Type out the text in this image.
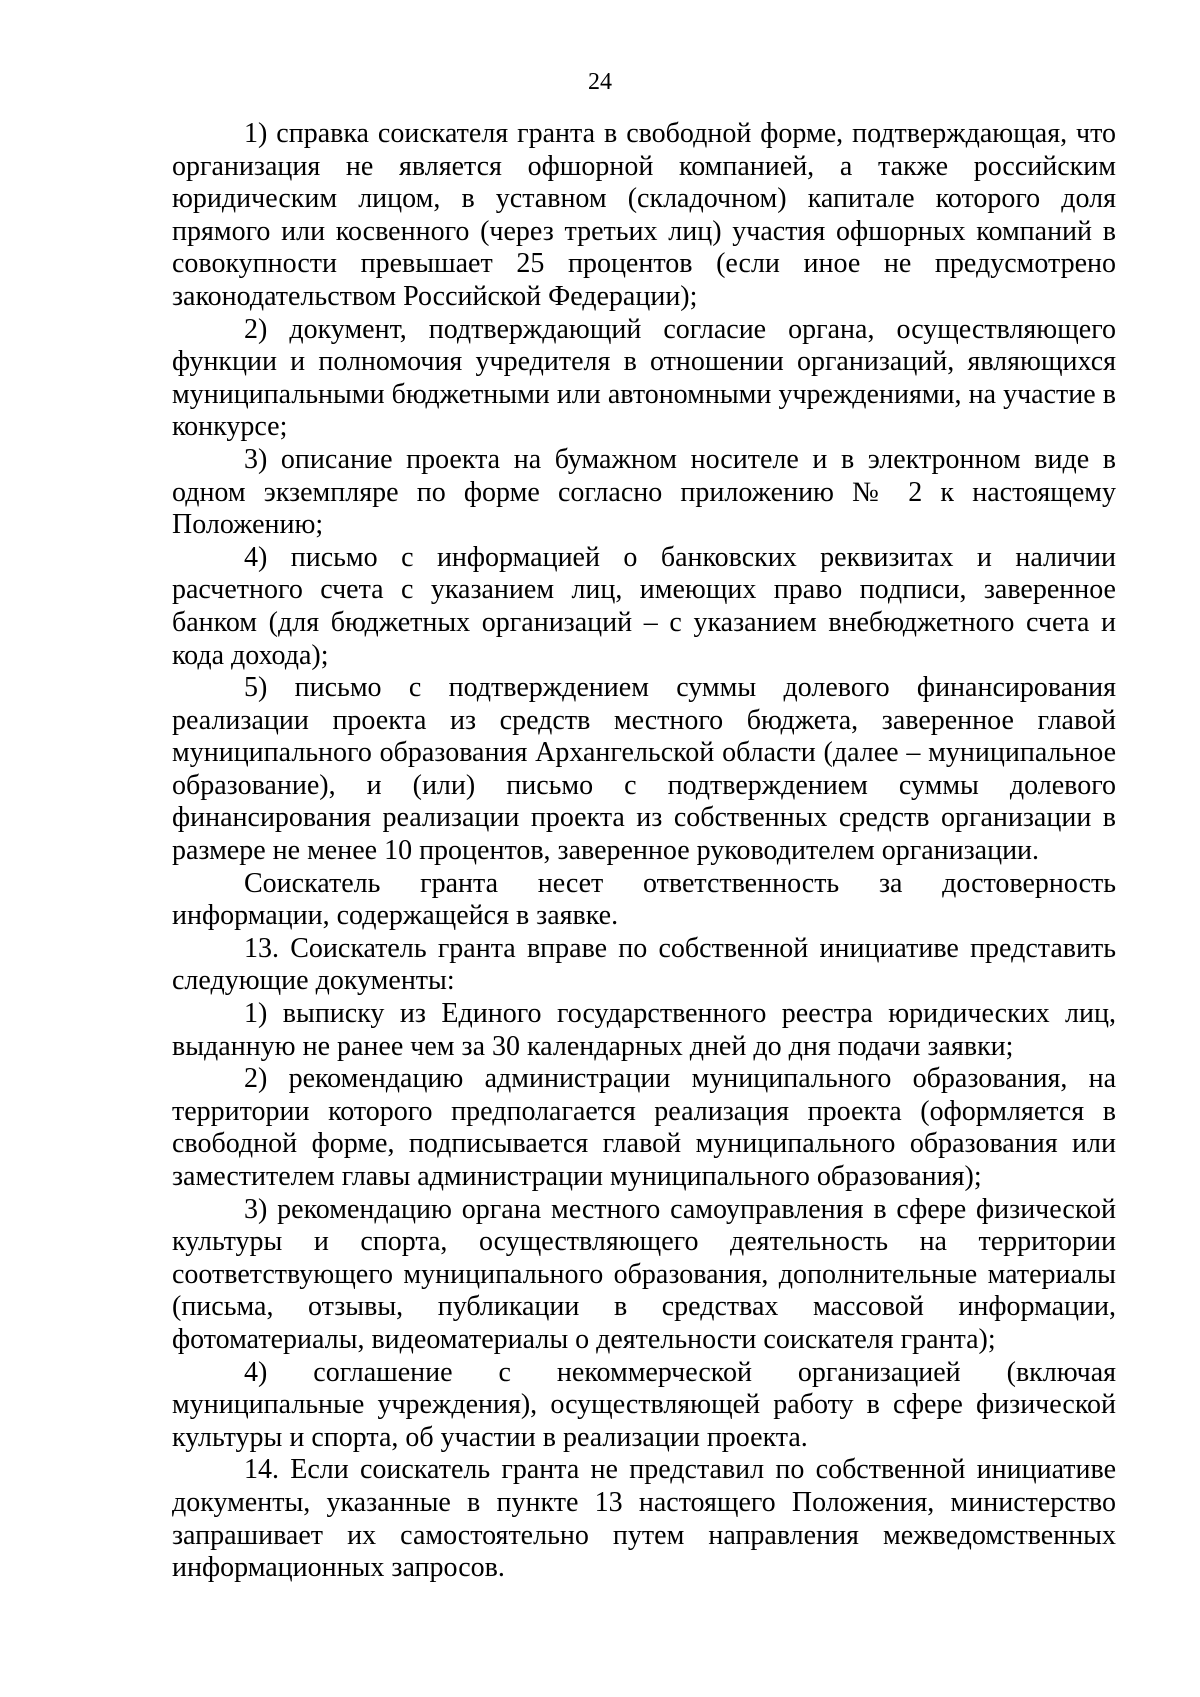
24

1) справка соискателя гранта в свободной форме, подтверждающая, что организация не является офшорной компанией, а также российским юридическим лицом, в уставном (складочном) капитале которого доля прямого или косвенного (через третьих лиц) участия офшорных компаний в совокупности превышает 25 процентов (если иное не предусмотрено законодательством Российской Федерации);

2) документ, подтверждающий согласие органа, осуществляющего функции и полномочия учредителя в отношении организаций, являющихся муниципальными бюджетными или автономными учреждениями, на участие в конкурсе;

3) описание проекта на бумажном носителе и в электронном виде в одном экземпляре по форме согласно приложению № 2 к настоящему Положению;

4) письмо с информацией о банковских реквизитах и наличии расчетного счета с указанием лиц, имеющих право подписи, заверенное банком (для бюджетных организаций – с указанием внебюджетного счета и кода дохода);

5) письмо с подтверждением суммы долевого финансирования реализации проекта из средств местного бюджета, заверенное главой муниципального образования Архангельской области (далее – муниципальное образование), и (или) письмо с подтверждением суммы долевого финансирования реализации проекта из собственных средств организации в размере не менее 10 процентов, заверенное руководителем организации.

Соискатель гранта несет ответственность за достоверность информации, содержащейся в заявке.

13. Соискатель гранта вправе по собственной инициативе представить следующие документы:

1) выписку из Единого государственного реестра юридических лиц, выданную не ранее чем за 30 календарных дней до дня подачи заявки;

2) рекомендацию администрации муниципального образования, на территории которого предполагается реализация проекта (оформляется в свободной форме, подписывается главой муниципального образования или заместителем главы администрации муниципального образования);

3) рекомендацию органа местного самоуправления в сфере физической культуры и спорта, осуществляющего деятельность на территории соответствующего муниципального образования, дополнительные материалы (письма, отзывы, публикации в средствах массовой информации, фотоматериалы, видеоматериалы о деятельности соискателя гранта);

4) соглашение с некоммерческой организацией (включая муниципальные учреждения), осуществляющей работу в сфере физической культуры и спорта, об участии в реализации проекта.

14. Если соискатель гранта не представил по собственной инициативе документы, указанные в пункте 13 настоящего Положения, министерство запрашивает их самостоятельно путем направления межведомственных информационных запросов.
